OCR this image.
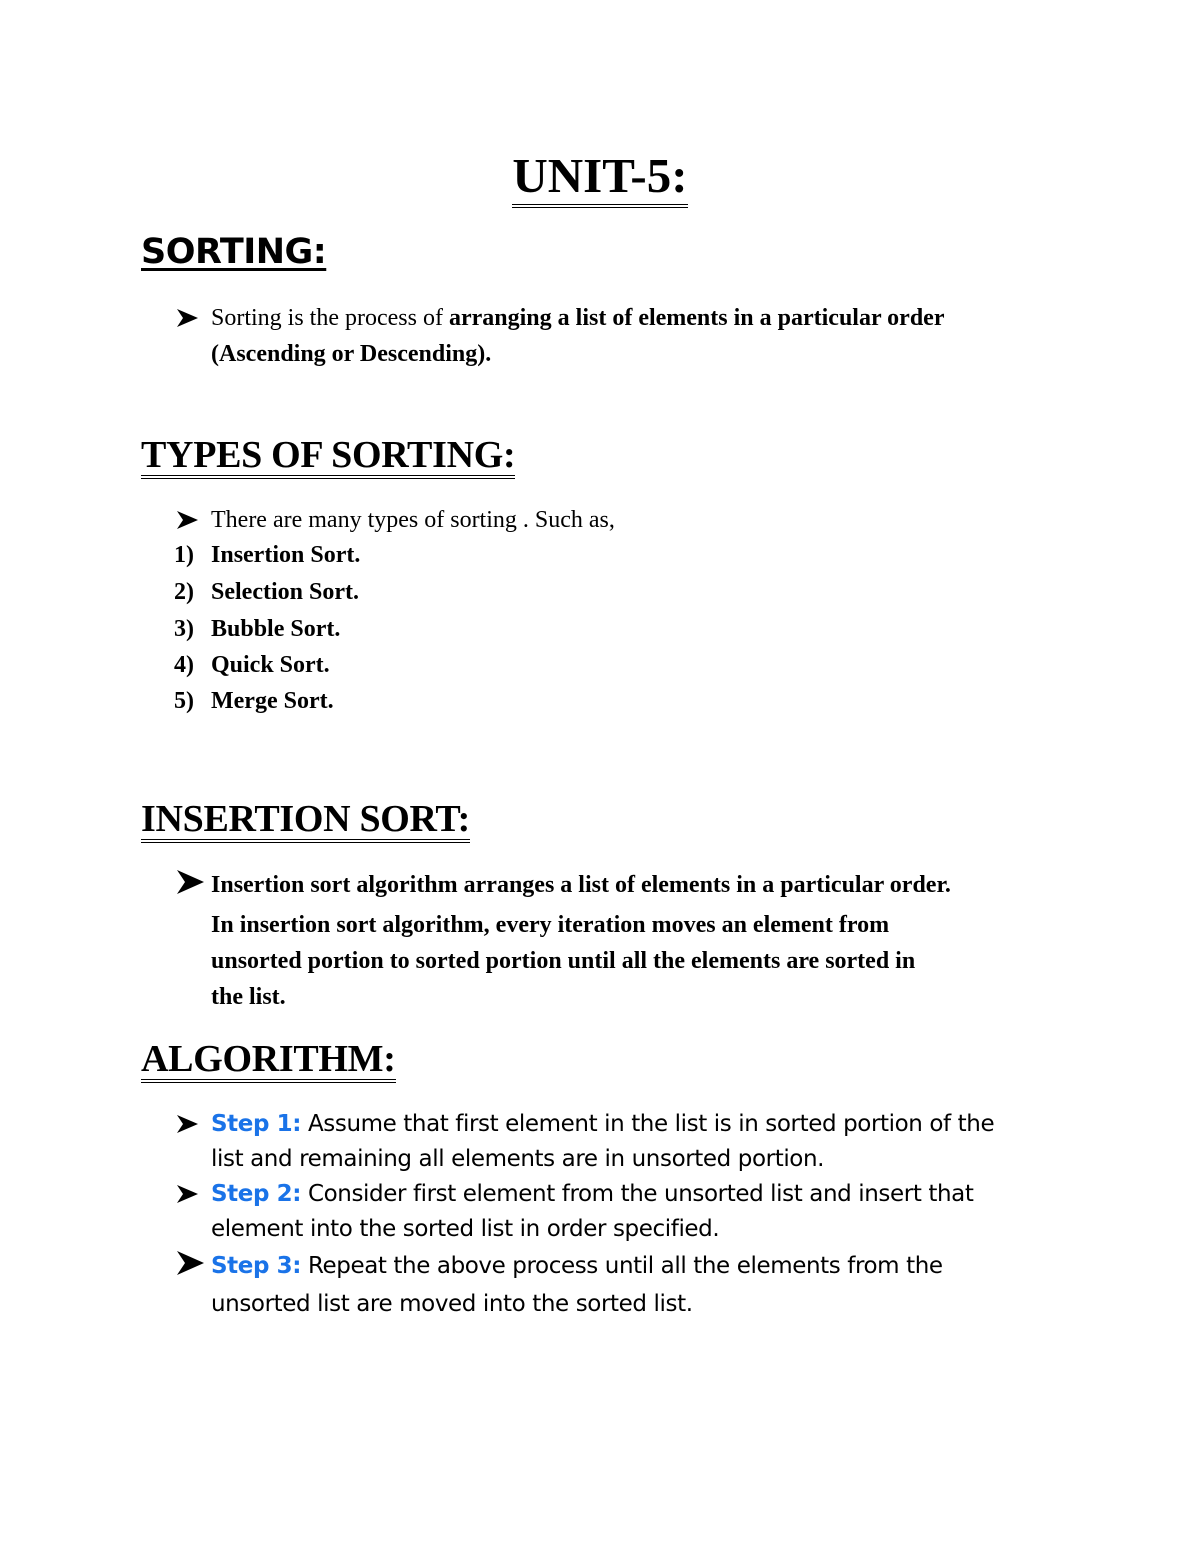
UNIT-5:
SORTING:
Sorting is the process of arranging a list of elements in a particular order
(Ascending or Descending).
TYPES OF SORTING:
There are many types of sorting . Such as,
1) Insertion Sort.
2) Selection Sort.
3) Bubble Sort.
4) Quick Sort.
5) Merge Sort.
INSERTION SORT:
Insertion sort algorithm arranges a list of elements in a particular order.
In insertion sort algorithm, every iteration moves an element from
unsorted portion to sorted portion until all the elements are sorted in
the list.
ALGORITHM:
Step 1: Assume that first element in the list is in sorted portion of the
list and remaining all elements are in unsorted portion.
Step 2: Consider first element from the unsorted list and insert that
element into the sorted list in order specified.
Step 3: Repeat the above process until all the elements from the
unsorted list are moved into the sorted list.
